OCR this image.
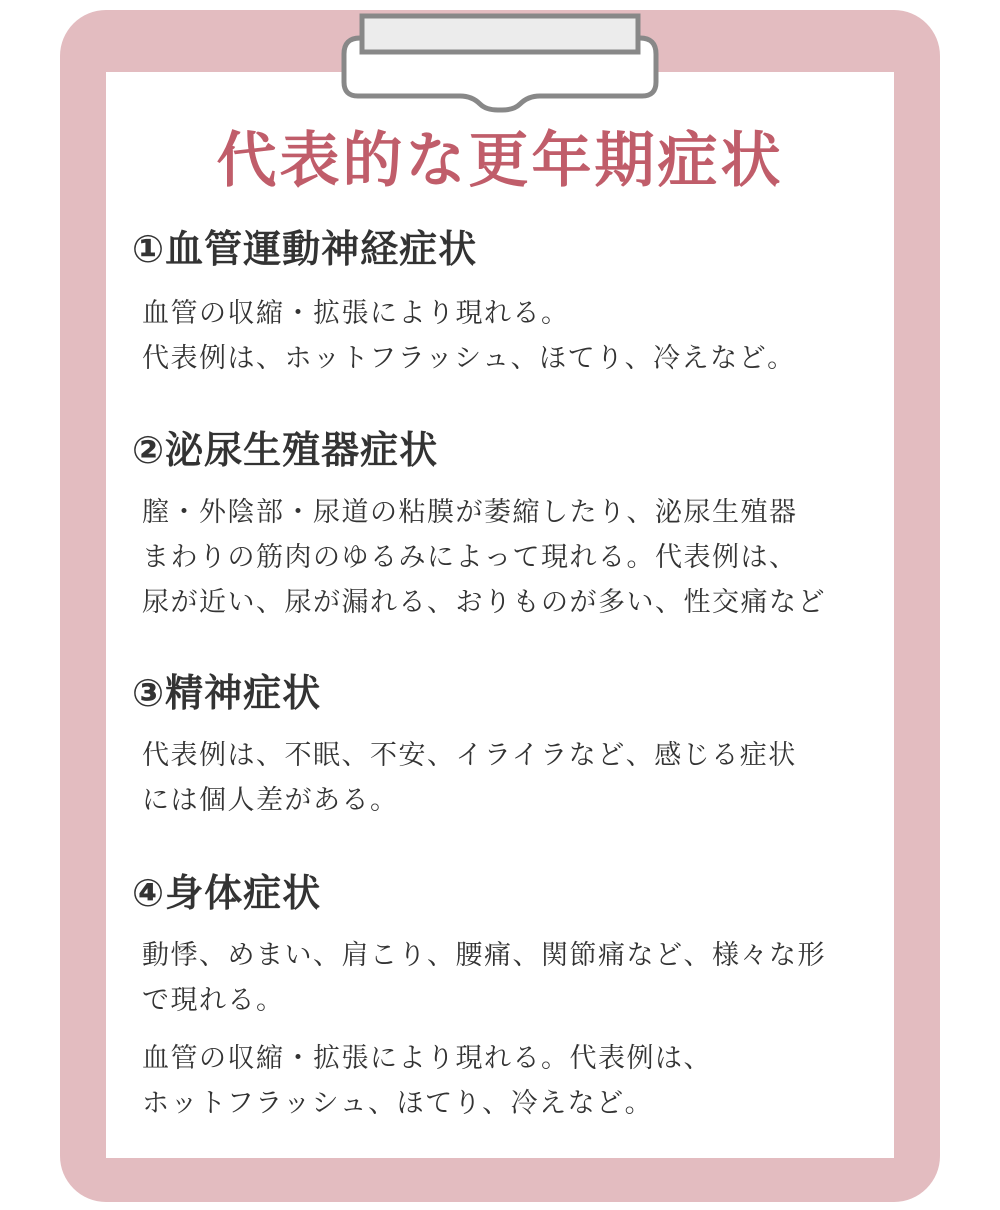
代表的な更年期症状
①血管運動神経症状

血管の収縮・拡張により現れる。
代表例は、ホットフラッシュ、ほてり、冷えなど。

②泌尿生殖器症状

膣・外陰部・尿道の粘膜が萎縮したり、泌尿生殖器
まわりの筋肉のゆるみによって現れる。代表例は、
尿が近い、尿が漏れる、おりものが多い、性交痛など

③精神症状

代表例は、不眠、不安、イライラなど、感じる症状
には個人差がある。

④身体症状

動悸、めまい、肩こり、腰痛、関節痛など、様々な形
で現れる。

血管の収縮・拡張により現れる。代表例は、
ホットフラッシュ、ほてり、冷えなど。
